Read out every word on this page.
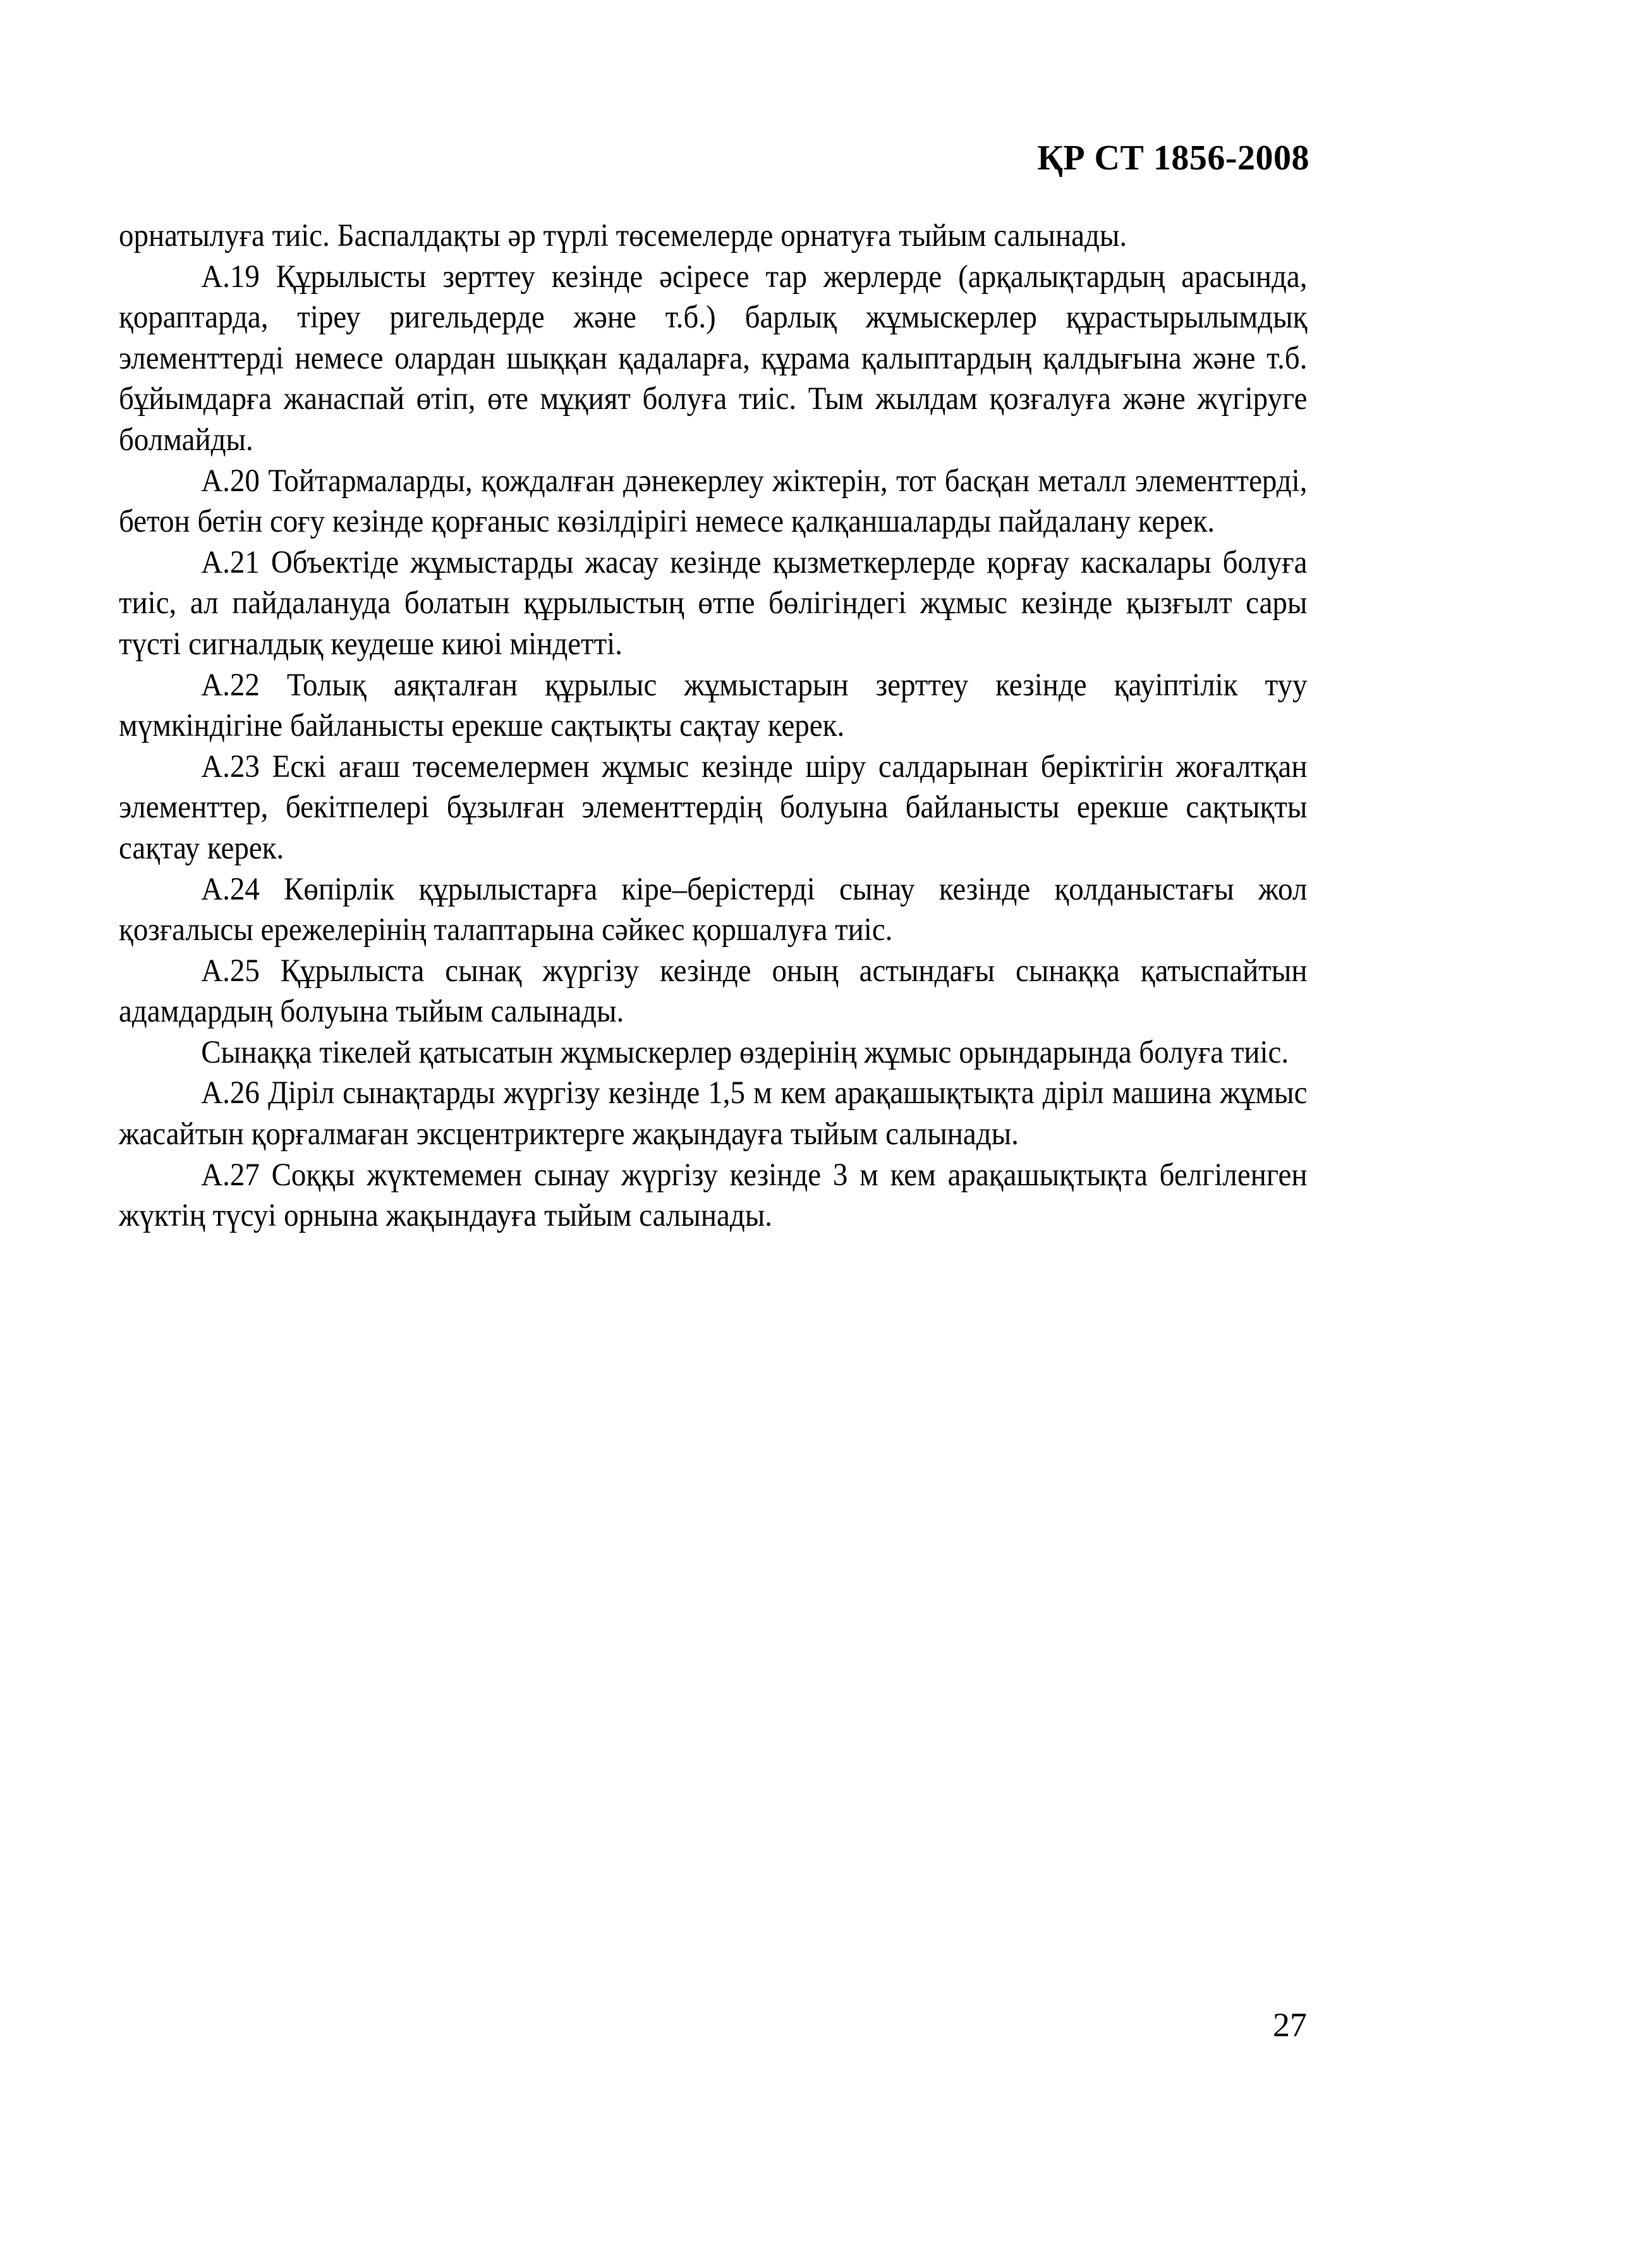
ҚР СТ 1856-2008

орнатылуға тиіс. Баспалдақты әр түрлі төсемелерде орнатуға тыйым салынады.

А.19 Құрылысты зерттеу кезінде әсіресе тар жерлерде (арқалықтардың арасында, қораптарда, тіреу ригельдерде және т.б.) барлық жұмыскерлер құрастырылымдық элементтерді немесе олардан шыққан қадаларға, құрама қалыптардың қалдығына және т.б. бұйымдарға жанаспай өтіп, өте мұқият болуға тиіс. Тым жылдам қозғалуға және жүгіруге болмайды.

А.20 Тойтармаларды, қождалған дәнекерлеу жіктерін, тот басқан металл элементтерді, бетон бетін соғу кезінде қорғаныс көзілдірігі немесе қалқаншаларды пайдалану керек.

А.21 Объектіде жұмыстарды жасау кезінде қызметкерлерде қорғау каскалары болуға тиіс, ал пайдалануда болатын құрылыстың өтпе бөлігіндегі жұмыс кезінде қызғылт сары түсті сигналдық кеудеше киюі міндетті.

А.22 Толық аяқталған құрылыс жұмыстарын зерттеу кезінде қауіптілік туу мүмкіндігіне байланысты ерекше сақтықты сақтау керек.

А.23 Ескі ағаш төсемелермен жұмыс кезінде шіру салдарынан беріктігін жоғалтқан элементтер, бекітпелері бұзылған элементтердің болуына байланысты ерекше сақтықты сақтау керек.

А.24 Көпірлік құрылыстарға кіре–берістерді сынау кезінде қолданыстағы жол қозғалысы ережелерінің талаптарына сәйкес қоршалуға тиіс.

А.25 Құрылыста сынақ жүргізу кезінде оның астындағы сынаққа қатыспайтын адамдардың болуына тыйым салынады.

Сынаққа тікелей қатысатын жұмыскерлер өздерінің жұмыс орындарында болуға тиіс.

А.26 Діріл сынақтарды жүргізу кезінде 1,5 м кем арақашықтықта діріл машина жұмыс жасайтын қорғалмаған эксцентриктерге жақындауға тыйым салынады.

А.27 Соққы жүктемемен сынау жүргізу кезінде 3 м кем арақашықтықта белгіленген жүктің түсуі орнына жақындауға тыйым салынады.

27
